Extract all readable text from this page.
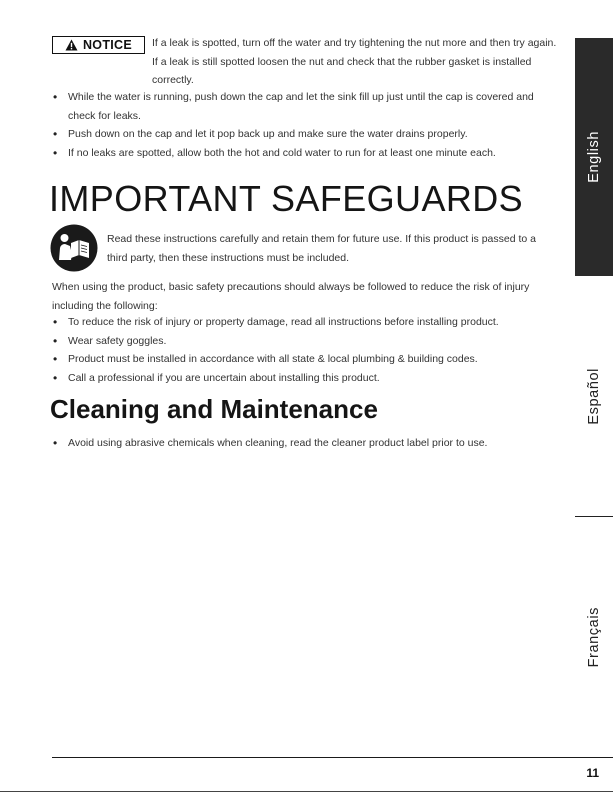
NOTICE If a leak is spotted, turn off the water and try tightening the nut more and then try again. If a leak is still spotted loosen the nut and check that the rubber gasket is installed correctly.
• While the water is running, push down the cap and let the sink fill up just until the cap is covered and check for leaks.
• Push down on the cap and let it pop back up and make sure the water drains properly.
• If no leaks are spotted, allow both the hot and cold water to run for at least one minute each.
IMPORTANT SAFEGUARDS
Read these instructions carefully and retain them for future use. If this product is passed to a third party, then these instructions must be included.
When using the product, basic safety precautions should always be followed to reduce the risk of injury including the following:
• To reduce the risk of injury or property damage, read all instructions before installing product.
• Wear safety goggles.
• Product must be installed in accordance with all state & local plumbing & building codes.
• Call a professional if you are uncertain about installing this product.
Cleaning and Maintenance
• Avoid using abrasive chemicals when cleaning, read the cleaner product label prior to use.
English
Español
Français
11
